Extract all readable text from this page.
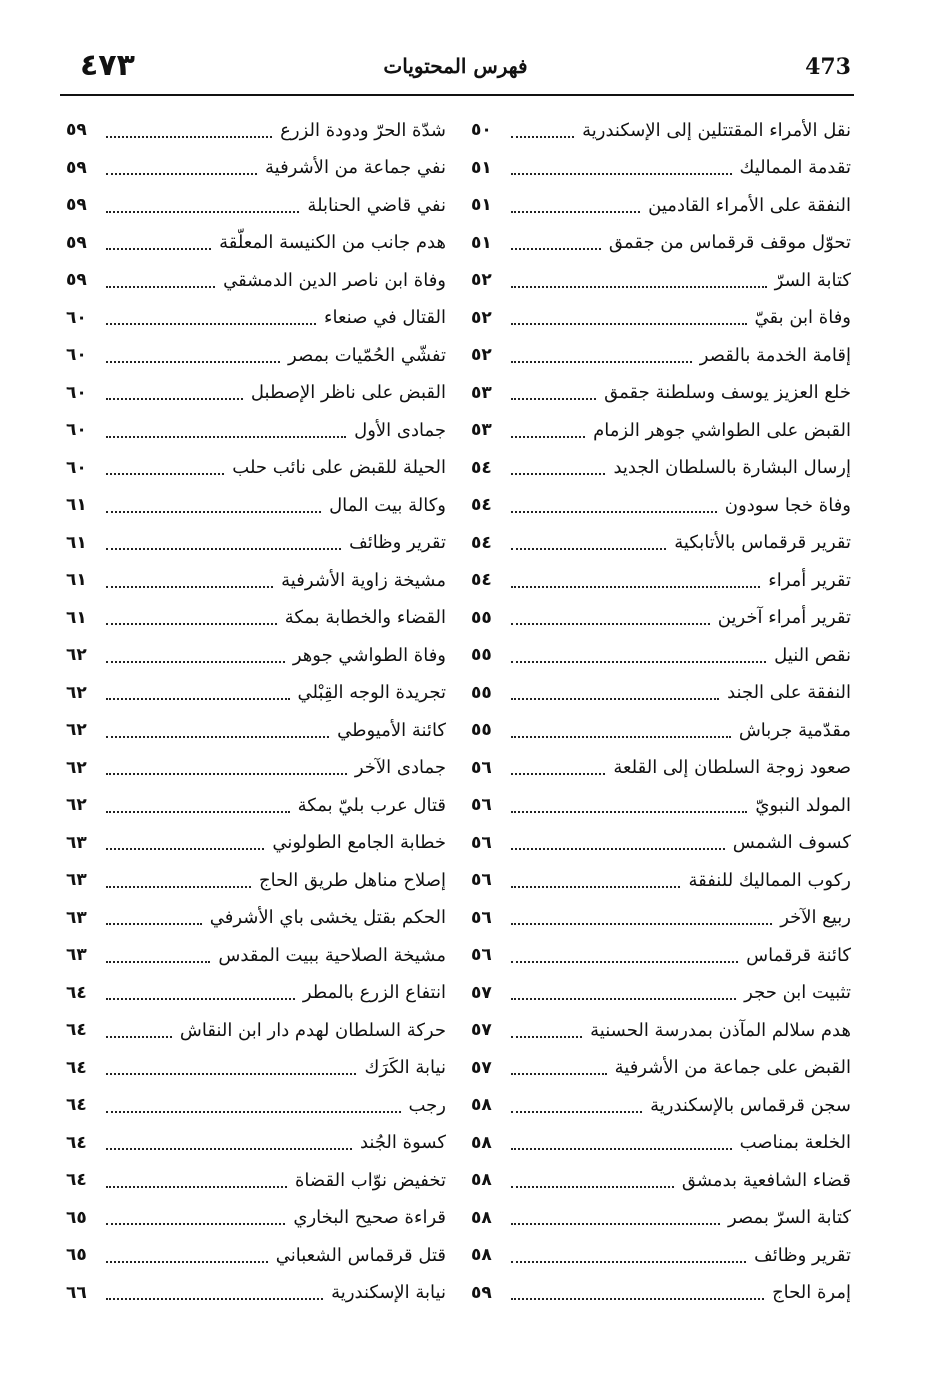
473
فهرس المحتويات
٤٧٣
نقل الأمراء المقتتلين إلى الإسكندرية
٥٠
تقدمة المماليك
٥١
النفقة على الأمراء القادمين
٥١
تحوّل موقف قرقماس من جقمق
٥١
كتابة السرّ
٥٢
وفاة ابن بقيّ
٥٢
إقامة الخدمة بالقصر
٥٢
خلع العزيز يوسف وسلطنة جقمق
٥٣
القبض على الطواشي جوهر الزمام
٥٣
إرسال البشارة بالسلطان الجديد
٥٤
وفاة خجا سودون
٥٤
تقرير قرقماس بالأتابكية
٥٤
تقرير أمراء
٥٤
تقرير أمراء آخرين
٥٥
نقص النيل
٥٥
النفقة على الجند
٥٥
مقدّمية جرباش
٥٥
صعود زوجة السلطان إلى القلعة
٥٦
المولد النبويّ
٥٦
كسوف الشمس
٥٦
ركوب المماليك للنفقة
٥٦
ربيع الآخر
٥٦
كائنة قرقماس
٥٦
تثبيت ابن حجر
٥٧
هدم سلالم المآذن بمدرسة الحسنية
٥٧
القبض على جماعة من الأشرفية
٥٧
سجن قرقماس بالإسكندرية
٥٨
الخلعة بمناصب
٥٨
قضاء الشافعية بدمشق
٥٨
كتابة السرّ بمصر
٥٨
تقرير وظائف
٥٨
إمرة الحاج
٥٩
شدّة الحرّ ودودة الزرع
٥٩
نفي جماعة من الأشرفية
٥٩
نفي قاضي الحنابلة
٥٩
هدم جانب من الكنيسة المعلّقة
٥٩
وفاة ابن ناصر الدين الدمشقي
٥٩
القتال في صنعاء
٦٠
تفشّي الحُمّيات بمصر
٦٠
القبض على ناظر الإصطبل
٦٠
جمادى الأول
٦٠
الحيلة للقبض على نائب حلب
٦٠
وكالة بيت المال
٦١
تقرير وظائف
٦١
مشيخة زاوية الأشرفية
٦١
القضاء والخطابة بمكة
٦١
وفاة الطواشي جوهر
٦٢
تجريدة الوجه القِبْلي
٦٢
كائنة الأميوطي
٦٢
جمادى الآخر
٦٢
قتال عرب بليّ بمكة
٦٢
خطابة الجامع الطولوني
٦٣
إصلاح مناهل طريق الحاج
٦٣
الحكم بقتل يخشى باي الأشرفي
٦٣
مشيخة الصلاحية ببيت المقدس
٦٣
انتفاع الزرع بالمطر
٦٤
حركة السلطان لهدم دار ابن النقاش
٦٤
نيابة الكَرَك
٦٤
رجب
٦٤
كسوة الجُند
٦٤
تخفيض نوّاب القضاة
٦٤
قراءة صحيح البخاري
٦٥
قتل قرقماس الشعباني
٦٥
نيابة الإسكندرية
٦٦
